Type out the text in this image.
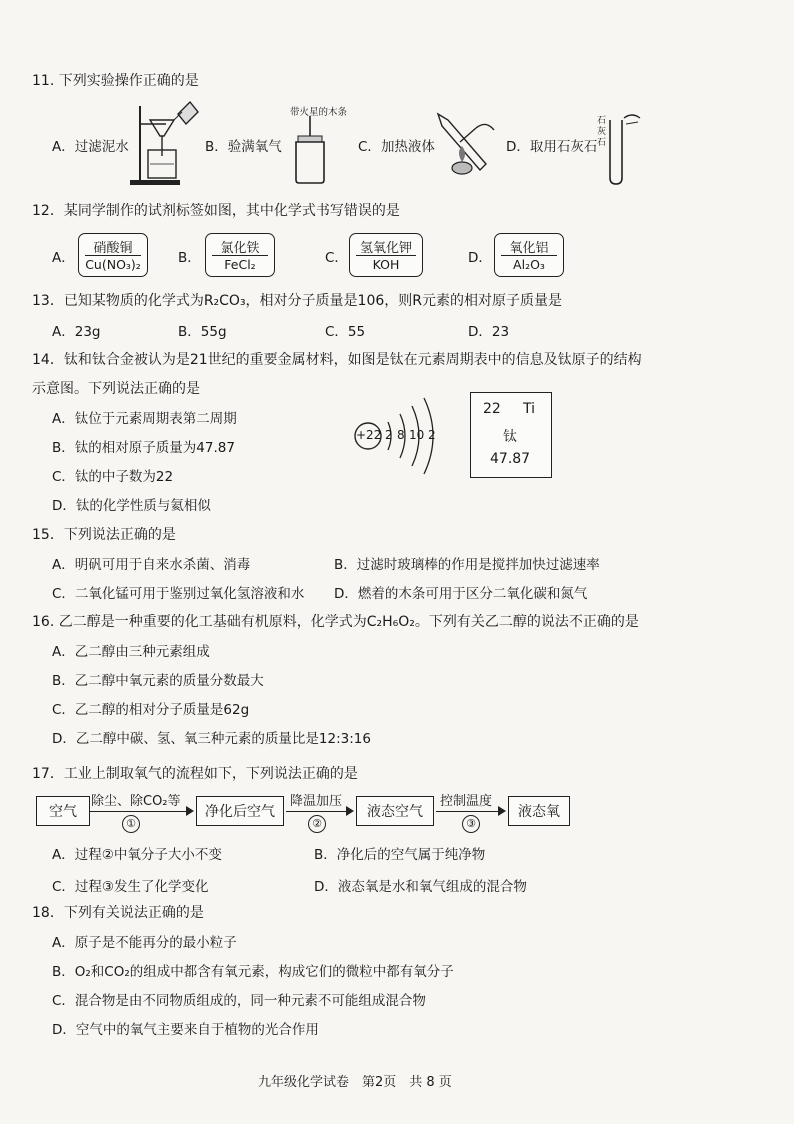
11. 下列实验操作正确的是
A．过滤泥水	B．验满氧气
带火星的木条
C．加热液体	D．取用石灰石
石灰石
12．某同学制作的试剂标签如图，其中化学式书写错误的是
A．
硝酸铜
Cu(NO₃)₂	B．
氯化铁
FeCl₂	C．
氢氧化钾
KOH	D．
氧化铝
Al₂O₃
13．已知某物质的化学式为R₂CO₃，相对分子质量是106，则R元素的相对原子质量是
A．23g	B．55g	C．55	D．23
14．钛和钛合金被认为是21世纪的重要金属材料，如图是钛在元素周期表中的信息及钛原子的结构
示意图。下列说法正确的是
A．钛位于元素周期表第二周期
B．钛的相对原子质量为47.87
C．钛的中子数为22
D．钛的化学性质与氦相似
+22 2 8 10 2
22 Ti
钛
47.87
15．下列说法正确的是
A．明矾可用于自来水杀菌、消毒	B．过滤时玻璃棒的作用是搅拌加快过滤速率
C．二氧化锰可用于鉴别过氧化氢溶液和水 D．燃着的木条可用于区分二氧化碳和氮气
16. 乙二醇是一种重要的化工基础有机原料，化学式为C₂H₆O₂。下列有关乙二醇的说法不正确的是
A．乙二醇由三种元素组成
B．乙二醇中氧元素的质量分数最大
C．乙二醇的相对分子质量是62g
D．乙二醇中碳、氢、氧三种元素的质量比是12:3:16
17．工业上制取氧气的流程如下，下列说法正确的是
空气
除尘、除CO₂等
①
净化后空气
降温加压
②
液态空气
控制温度
③
液态氧
A．过程②中氧分子大小不变	B．净化后的空气属于纯净物
C．过程③发生了化学变化	D．液态氧是水和氧气组成的混合物
18．下列有关说法正确的是
A．原子是不能再分的最小粒子
B．O₂和CO₂的组成中都含有氧元素，构成它们的微粒中都有氧分子
C．混合物是由不同物质组成的，同一种元素不可能组成混合物
D．空气中的氧气主要来自于植物的光合作用
九年级化学试卷　第2页　共 8 页
